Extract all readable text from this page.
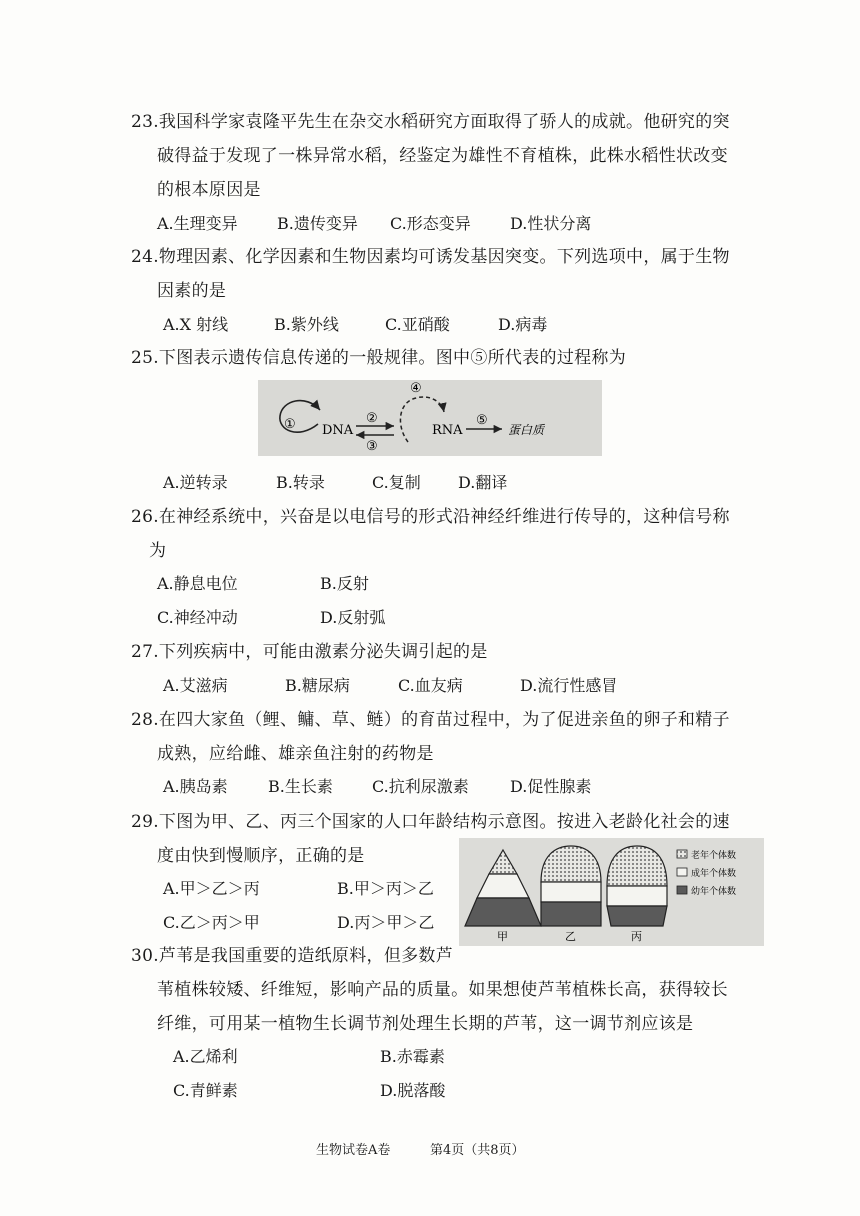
23.我国科学家袁隆平先生在杂交水稻研究方面取得了骄人的成就。他研究的突
破得益于发现了一株异常水稻，经鉴定为雄性不育植株，此株水稻性状改变
的根本原因是
A.生理变异 B.遗传变异 C.形态变异 D.性状分离
24.物理因素、化学因素和生物因素均可诱发基因突变。下列选项中，属于生物
因素的是
A.X 射线	B.紫外线	C.亚硝酸	D.病毒
25.下图表示遗传信息传递的一般规律。图中⑤所代表的过程称为
① DNA
②
③
④
RNA
⑤
蛋白质
A.逆转录	B.转录	C.复制 D.翻译
26.在神经系统中，兴奋是以电信号的形式沿神经纤维进行传导的，这种信号称
为
A.静息电位	B.反射
C.神经冲动	D.反射弧
27.下列疾病中，可能由激素分泌失调引起的是
A.艾滋病	B.糖尿病	C.血友病	D.流行性感冒
28.在四大家鱼（鲤、鳙、草、鲢）的育苗过程中，为了促进亲鱼的卵子和精子
成熟，应给雌、雄亲鱼注射的药物是
A.胰岛素	B.生长素 C.抗利尿激素	D.促性腺素
29.下图为甲、乙、丙三个国家的人口年龄结构示意图。按进入老龄化社会的速
度由快到慢顺序，正确的是
A.甲＞乙＞丙	B.甲＞丙＞乙
C.乙＞丙＞甲	D.丙＞甲＞乙
甲	乙	丙
老年个体数
成年个体数
幼年个体数
30.芦苇是我国重要的造纸原料，但多数芦
苇植株较矮、纤维短，影响产品的质量。如果想使芦苇植株长高，获得较长
纤维，可用某一植物生长调节剂处理生长期的芦苇，这一调节剂应该是
A.乙烯利	B.赤霉素
C.青鲜素	D.脱落酸
生物试卷A卷	第4页（共8页）
